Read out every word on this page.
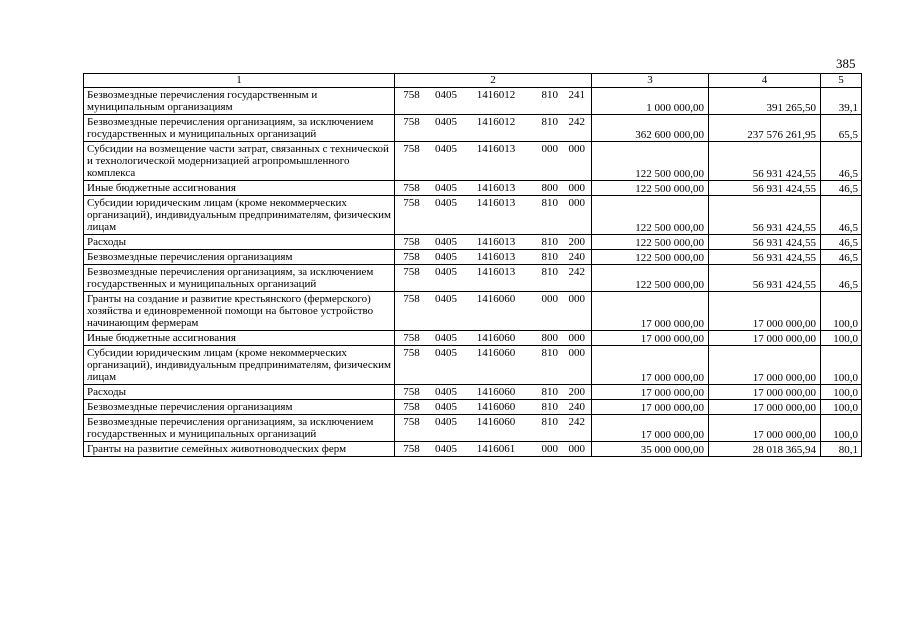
385
1	2	3	4	5
Безвозмездные перечисления государственным и муниципальным организациям	758 0405 1416012 810 241	1 000 000,00	391 265,50	39,1
Безвозмездные перечисления организациям, за исключением государственных и муниципальных организаций	758 0405 1416012 810 242	362 600 000,00	237 576 261,95	65,5
Субсидии на возмещение части затрат, связанных с технической и технологической модернизацией агропромышленного комплекса	758 0405 1416013 000 000	122 500 000,00	56 931 424,55	46,5
Иные бюджетные ассигнования	758 0405 1416013 800 000	122 500 000,00	56 931 424,55	46,5
Субсидии юридическим лицам (кроме некоммерческих организаций), индивидуальным предпринимателям, физическим лицам	758 0405 1416013 810 000	122 500 000,00	56 931 424,55	46,5
Расходы	758 0405 1416013 810 200	122 500 000,00	56 931 424,55	46,5
Безвозмездные перечисления организациям	758 0405 1416013 810 240	122 500 000,00	56 931 424,55	46,5
Безвозмездные перечисления организациям, за исключением государственных и муниципальных организаций	758 0405 1416013 810 242	122 500 000,00	56 931 424,55	46,5
Гранты на создание и развитие крестьянского (фермерского) хозяйства и единовременной помощи на бытовое устройство начинающим фермерам	758 0405 1416060 000 000	17 000 000,00	17 000 000,00	100,0
Иные бюджетные ассигнования	758 0405 1416060 800 000	17 000 000,00	17 000 000,00	100,0
Субсидии юридическим лицам (кроме некоммерческих организаций), индивидуальным предпринимателям, физическим лицам	758 0405 1416060 810 000	17 000 000,00	17 000 000,00	100,0
Расходы	758 0405 1416060 810 200	17 000 000,00	17 000 000,00	100,0
Безвозмездные перечисления организациям	758 0405 1416060 810 240	17 000 000,00	17 000 000,00	100,0
Безвозмездные перечисления организациям, за исключением государственных и муниципальных организаций	758 0405 1416060 810 242	17 000 000,00	17 000 000,00	100,0
Гранты на развитие семейных животноводческих ферм	758 0405 1416061 000 000	35 000 000,00	28 018 365,94	80,1
